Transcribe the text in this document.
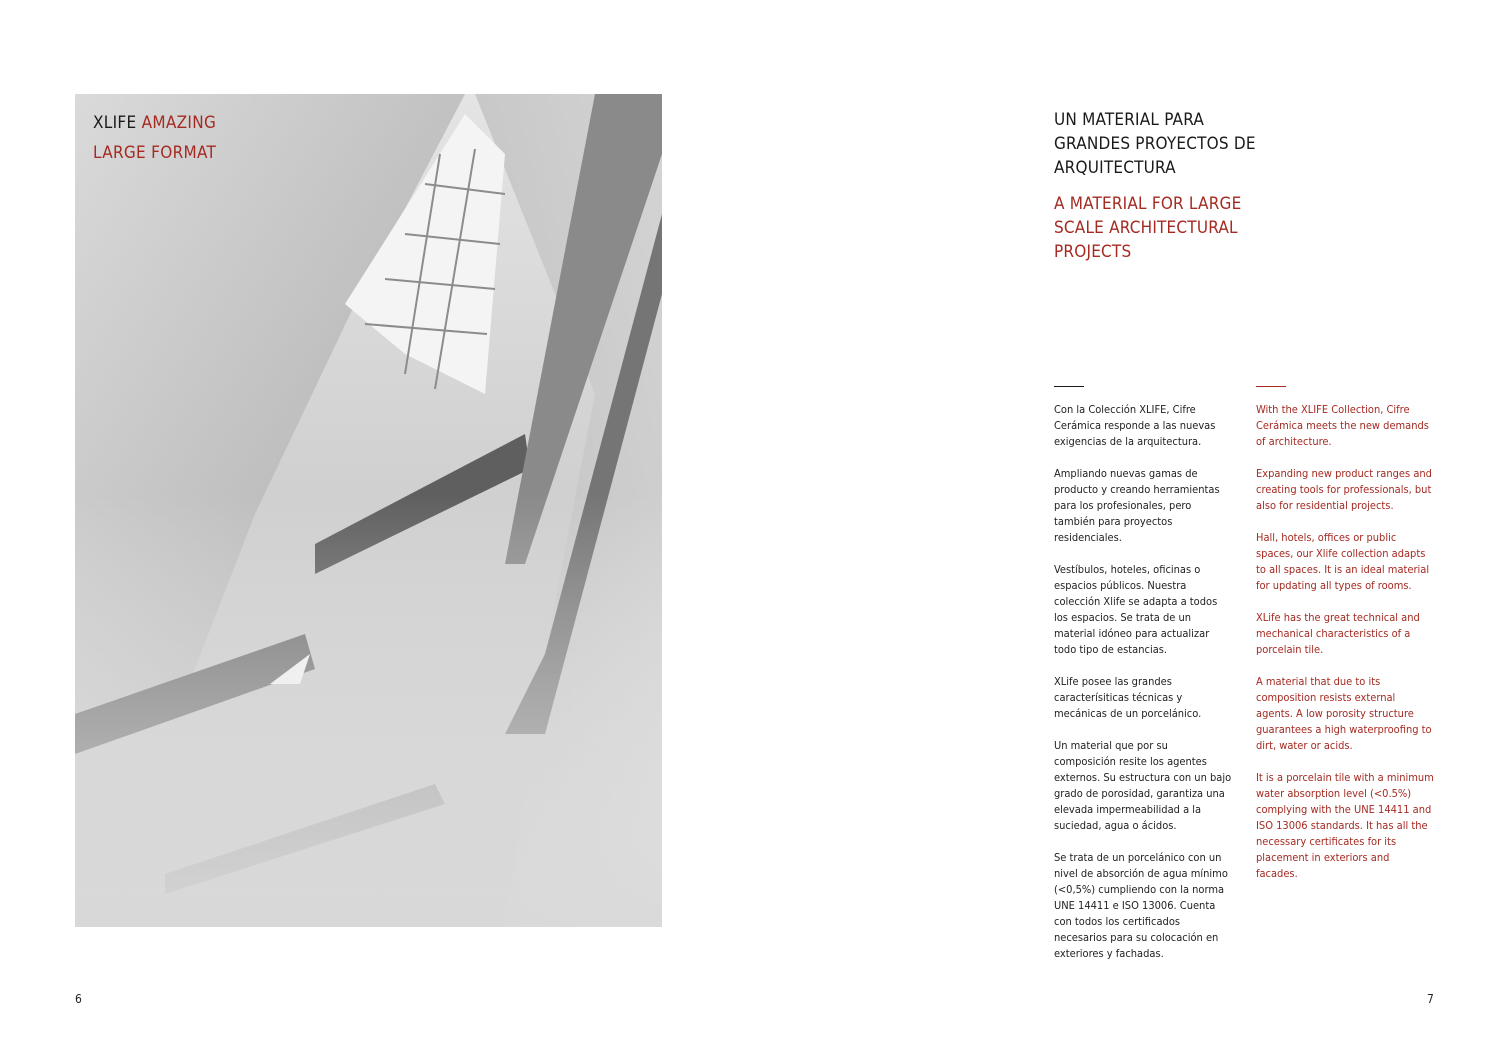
XLIFE AMAZING
LARGE FORMAT
6
UN MATERIAL PARA
GRANDES PROYECTOS DE
ARQUITECTURA
A MATERIAL FOR LARGE
SCALE ARCHITECTURAL
PROJECTS

Con la Colección XLIFE, Cifre Cerámica responde a las nuevas exigencias de la arquitectura.

Ampliando nuevas gamas de producto y creando herramientas para los profesionales, pero también para proyectos residenciales.

Vestíbulos, hoteles, oficinas o espacios públicos. Nuestra colección Xlife se adapta a todos los espacios. Se trata de un material idóneo para actualizar todo tipo de estancias.

XLife posee las grandes caracterísiticas técnicas y mecánicas de un porcelánico.

Un material que por su composición resite los agentes externos. Su estructura con un bajo grado de porosidad, garantiza una elevada impermeabilidad a la suciedad, agua o ácidos.

Se trata de un porcelánico con un nivel de absorción de agua mínimo (<0,5%) cumpliendo con la norma UNE 14411 e ISO 13006. Cuenta con todos los certificados necesarios para su colocación en exteriores y fachadas.

With the XLIFE Collection, Cifre Cerámica meets the new demands of architecture.

Expanding new product ranges and creating tools for professionals, but also for residential projects.

Hall, hotels, offices or public spaces, our Xlife collection adapts to all spaces. It is an ideal material for updating all types of rooms.

XLife has the great technical and mechanical characteristics of a porcelain tile.

A material that due to its composition resists external agents. A low porosity structure guarantees a high waterproofing to dirt, water or acids.

It is a porcelain tile with a minimum water absorption level (<0.5%) complying with the UNE 14411 and ISO 13006 standards. It has all the necessary certificates for its placement in exteriors and facades.

7
